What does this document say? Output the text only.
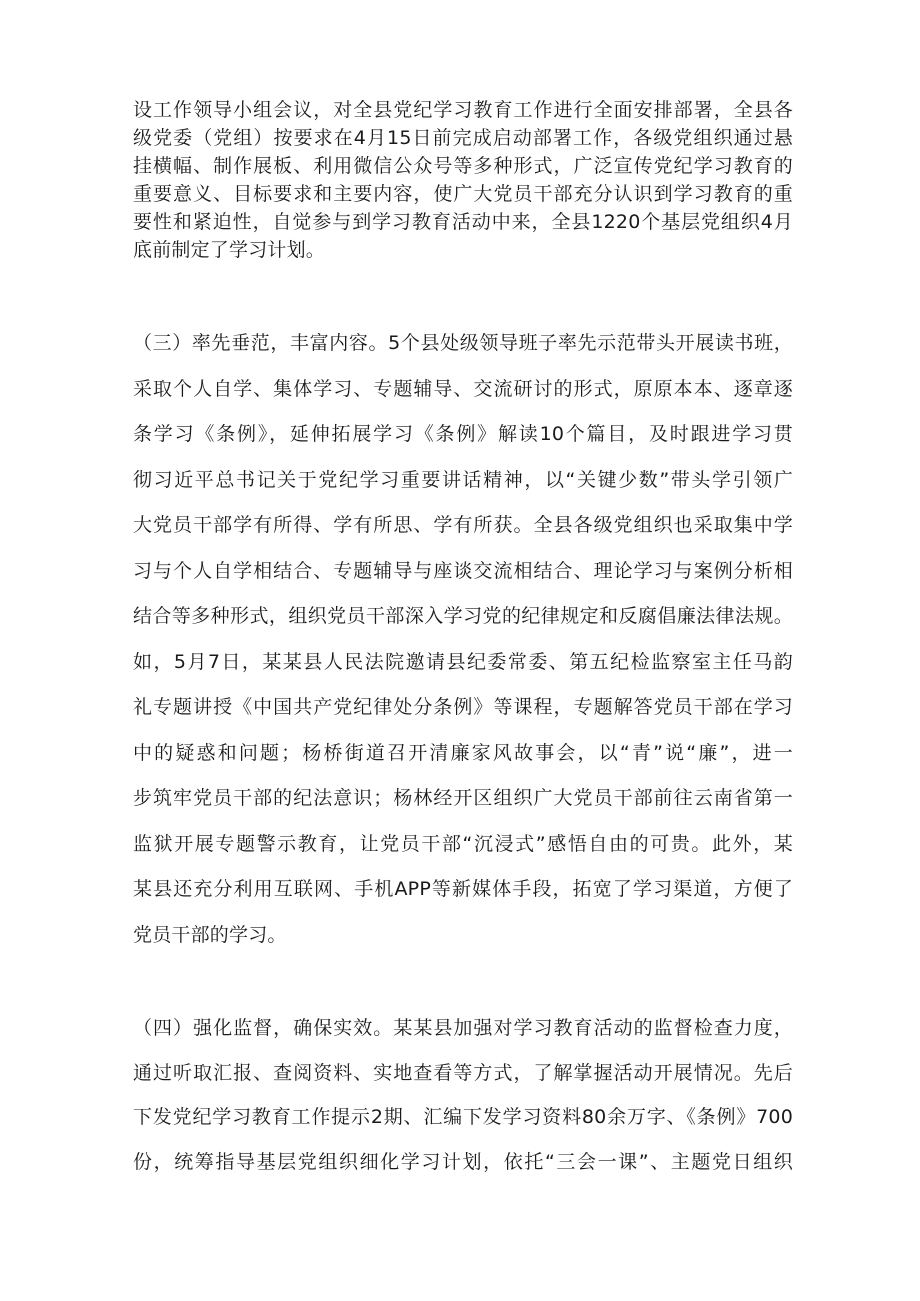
设工作领导小组会议，对全县党纪学习教育工作进行全面安排部署，全县各
级党委（党组）按要求在4月15日前完成启动部署工作，各级党组织通过悬
挂横幅、制作展板、利用微信公众号等多种形式，广泛宣传党纪学习教育的
重要意义、目标要求和主要内容，使广大党员干部充分认识到学习教育的重
要性和紧迫性，自觉参与到学习教育活动中来，全县1220个基层党组织4月
底前制定了学习计划。
（三）率先垂范，丰富内容。5个县处级领导班子率先示范带头开展读书班，
采取个人自学、集体学习、专题辅导、交流研讨的形式，原原本本、逐章逐
条学习《条例》，延伸拓展学习《条例》解读10个篇目，及时跟进学习贯
彻习近平总书记关于党纪学习重要讲话精神，以“关键少数”带头学引领广
大党员干部学有所得、学有所思、学有所获。全县各级党组织也采取集中学
习与个人自学相结合、专题辅导与座谈交流相结合、理论学习与案例分析相
结合等多种形式，组织党员干部深入学习党的纪律规定和反腐倡廉法律法规。
如，5月7日，某某县人民法院邀请县纪委常委、第五纪检监察室主任马韵
礼专题讲授《中国共产党纪律处分条例》等课程，专题解答党员干部在学习
中的疑惑和问题；杨桥街道召开清廉家风故事会，以“青”说“廉”，进一
步筑牢党员干部的纪法意识；杨林经开区组织广大党员干部前往云南省第一
监狱开展专题警示教育，让党员干部“沉浸式”感悟自由的可贵。此外，某
某县还充分利用互联网、手机APP等新媒体手段，拓宽了学习渠道，方便了
党员干部的学习。
（四）强化监督，确保实效。某某县加强对学习教育活动的监督检查力度，
通过听取汇报、查阅资料、实地查看等方式，了解掌握活动开展情况。先后
下发党纪学习教育工作提示2期、汇编下发学习资料80余万字、《条例》700
份，统筹指导基层党组织细化学习计划，依托“三会一课”、主题党日组织
